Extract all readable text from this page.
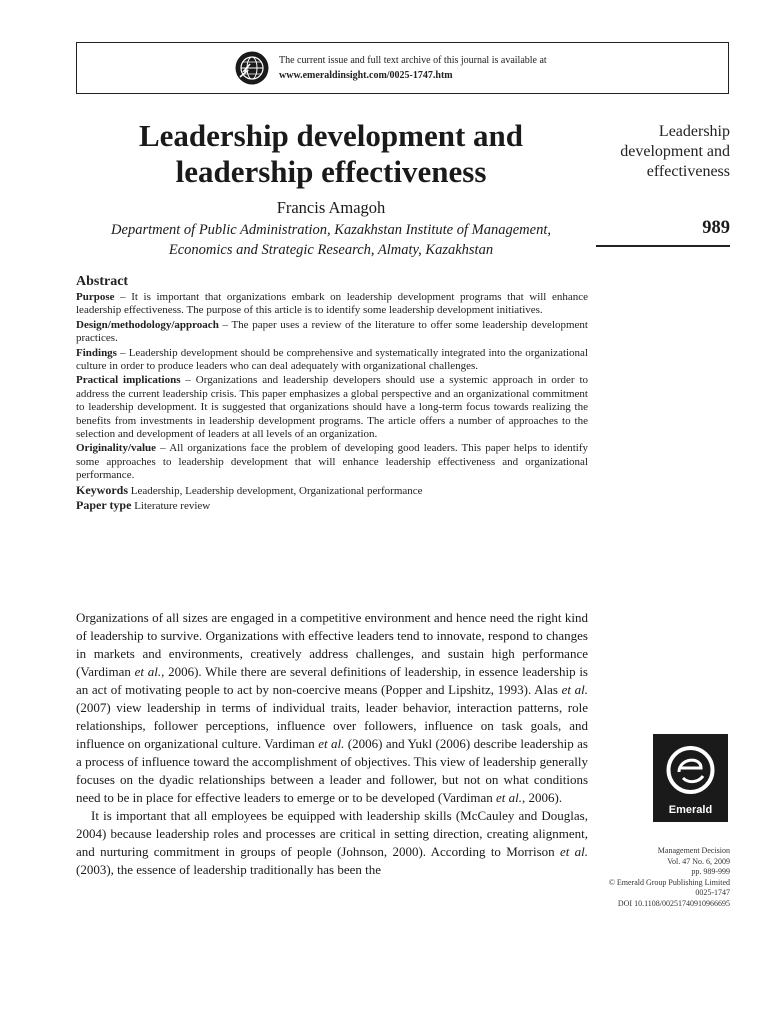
The current issue and full text archive of this journal is available at
www.emeraldinsight.com/0025-1747.htm
Leadership development and
leadership effectiveness
Francis Amagoh
Department of Public Administration, Kazakhstan Institute of Management,
Economics and Strategic Research, Almaty, Kazakhstan
Leadership
development and
effectiveness
989
Abstract

Purpose – It is important that organizations embark on leadership development programs that will enhance leadership effectiveness. The purpose of this article is to identify some leadership development initiatives.

Design/methodology/approach – The paper uses a review of the literature to offer some leadership development practices.

Findings – Leadership development should be comprehensive and systematically integrated into the organizational culture in order to produce leaders who can deal adequately with organizational challenges.

Practical implications – Organizations and leadership developers should use a systemic approach in order to address the current leadership crisis. This paper emphasizes a global perspective and an organizational commitment to leadership development. It is suggested that organizations should have a long-term focus towards realizing the benefits from investments in leadership development programs. The article offers a number of approaches to the selection and development of leaders at all levels of an organization.

Originality/value – All organizations face the problem of developing good leaders. This paper helps to identify some approaches to leadership development that will enhance leadership effectiveness and organizational performance.

Keywords Leadership, Leadership development, Organizational performance

Paper type Literature review

Organizations of all sizes are engaged in a competitive environment and hence need the right kind of leadership to survive. Organizations with effective leaders tend to innovate, respond to changes in markets and environments, creatively address challenges, and sustain high performance (Vardiman et al., 2006). While there are several definitions of leadership, in essence leadership is an act of motivating people to act by non-coercive means (Popper and Lipshitz, 1993). Alas et al. (2007) view leadership in terms of individual traits, leader behavior, interaction patterns, role relationships, follower perceptions, influence over followers, influence on task goals, and influence on organizational culture. Vardiman et al. (2006) and Yukl (2006) describe leadership as a process of influence toward the accomplishment of objectives. This view of leadership generally focuses on the dyadic relationships between a leader and follower, but not on what conditions need to be in place for effective leaders to emerge or to be developed (Vardiman et al., 2006).

It is important that all employees be equipped with leadership skills (McCauley and Douglas, 2004) because leadership roles and processes are critical in setting direction, creating alignment, and nurturing commitment in groups of people (Johnson, 2000). According to Morrison et al. (2003), the essence of leadership traditionally has been the

Emerald
Management Decision
Vol. 47 No. 6, 2009
pp. 989-999
© Emerald Group Publishing Limited
0025-1747
DOI 10.1108/00251740910966695
